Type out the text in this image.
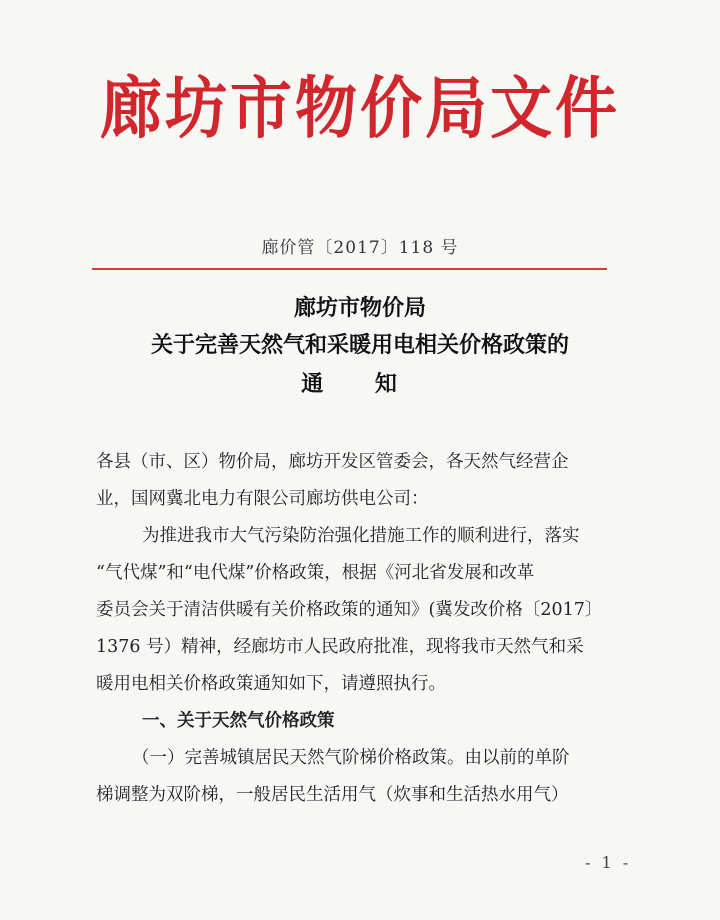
廊坊市物价局文件
廊价管〔2017〕118 号
廊坊市物价局
关于完善天然气和采暖用电相关价格政策的
通 知

各县（市、区）物价局，廊坊开发区管委会，各天然气经营企

业，国网冀北电力有限公司廊坊供电公司：

为推进我市大气污染防治强化措施工作的顺利进行，落实

“气代煤”和“电代煤”价格政策，根据《河北省发展和改革

委员会关于清洁供暖有关价格政策的通知》(冀发改价格〔2017〕

1376 号）精神，经廊坊市人民政府批准，现将我市天然气和采

暖用电相关价格政策通知如下，请遵照执行。

一、关于天然气价格政策

（一）完善城镇居民天然气阶梯价格政策。由以前的单阶

梯调整为双阶梯，一般居民生活用气（炊事和生活热水用气）

- 1 -
